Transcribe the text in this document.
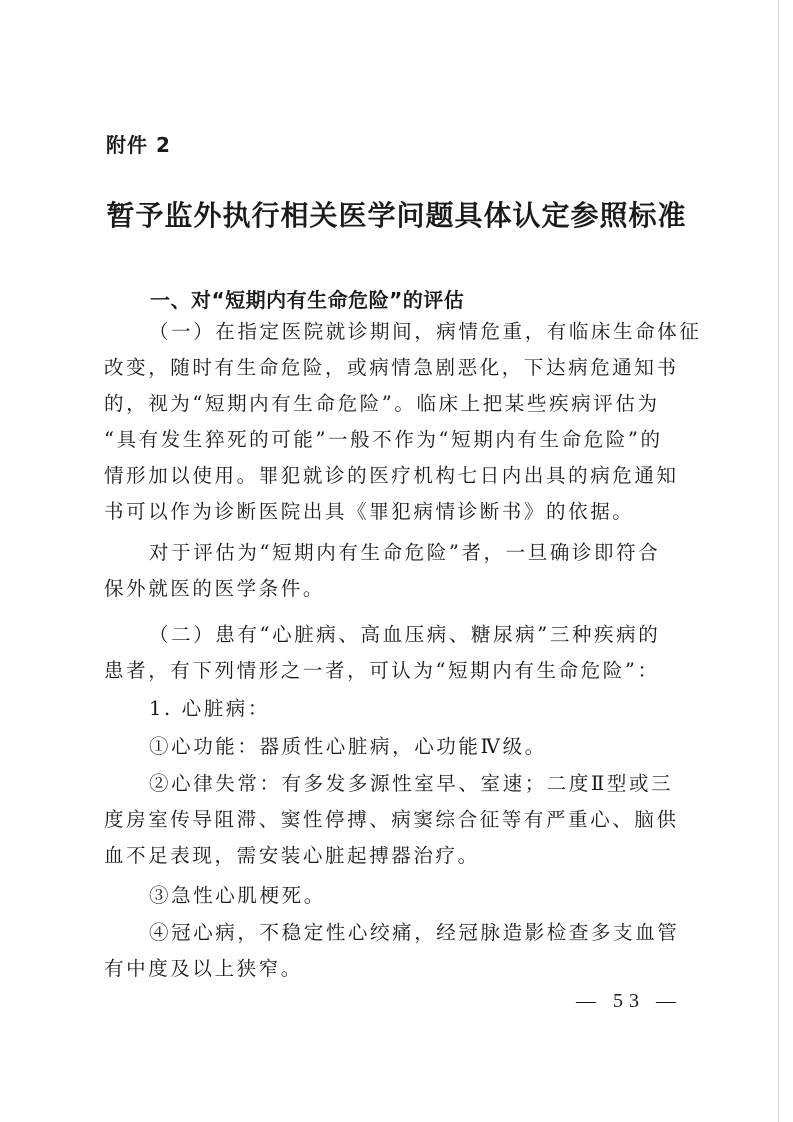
附件 2
暂予监外执行相关医学问题具体认定参照标准
一、对“短期内有生命危险”的评估
（一）在指定医院就诊期间，病情危重，有临床生命体征
改变，随时有生命危险，或病情急剧恶化，下达病危通知书
的，视为“短期内有生命危险”。临床上把某些疾病评估为
“具有发生猝死的可能”一般不作为“短期内有生命危险”的
情形加以使用。罪犯就诊的医疗机构七日内出具的病危通知
书可以作为诊断医院出具《罪犯病情诊断书》的依据。
对于评估为“短期内有生命危险”者，一旦确诊即符合
保外就医的医学条件。
（二）患有“心脏病、高血压病、糖尿病”三种疾病的
患者，有下列情形之一者，可认为“短期内有生命危险”：
1. 心脏病：
①心功能：器质性心脏病，心功能Ⅳ级。
②心律失常：有多发多源性室早、室速；二度Ⅱ型或三
度房室传导阻滞、窦性停搏、病窦综合征等有严重心、脑供
血不足表现，需安装心脏起搏器治疗。
③急性心肌梗死。
④冠心病，不稳定性心绞痛，经冠脉造影检查多支血管
有中度及以上狭窄。
— 53 —
